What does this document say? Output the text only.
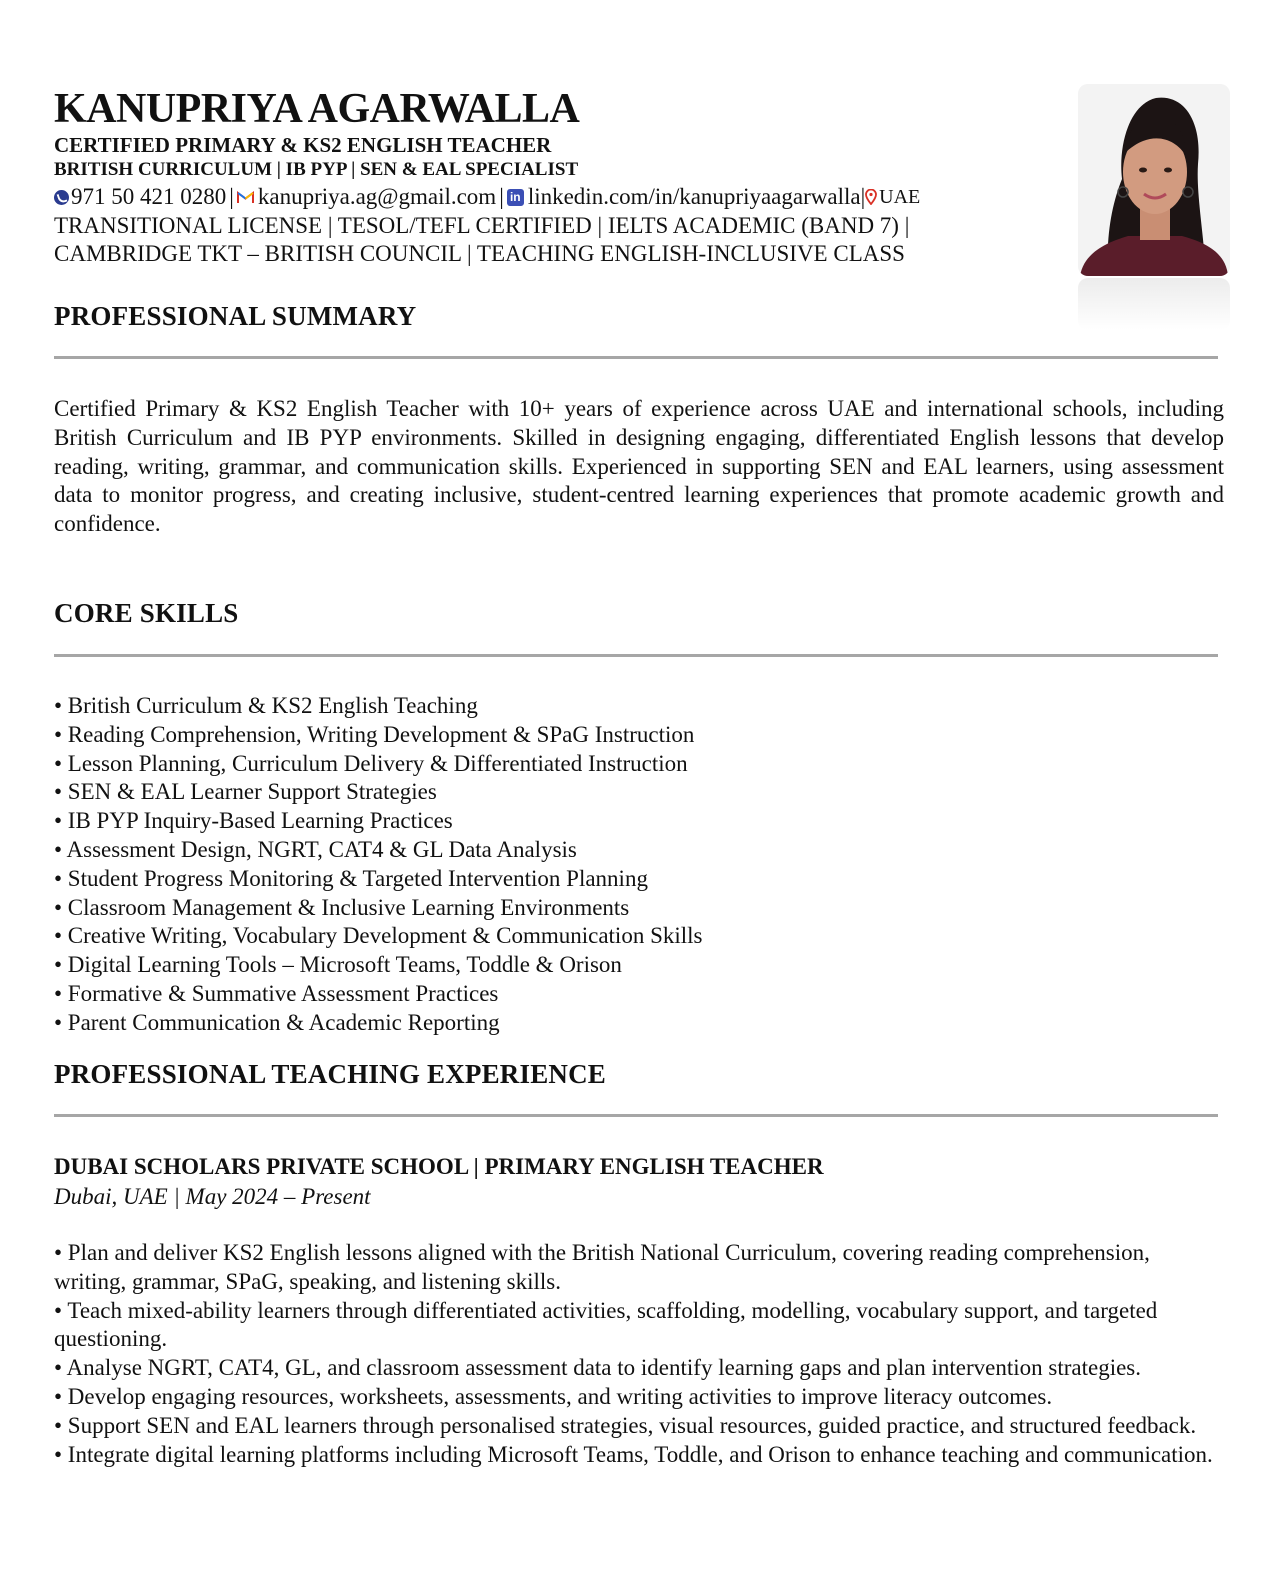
KANUPRIYA AGARWALLA

CERTIFIED PRIMARY & KS2 ENGLISH TEACHER

BRITISH CURRICULUM | IB PYP | SEN & EAL SPECIALIST

971 50 421 0280 | kanupriya.ag@gmail.com | in linkedin.com/in/kanupriyaagarwalla | UAE

TRANSITIONAL LICENSE | TESOL/TEFL CERTIFIED | IELTS ACADEMIC (BAND 7) |

CAMBRIDGE TKT – BRITISH COUNCIL | TEACHING ENGLISH-INCLUSIVE CLASS

PROFESSIONAL SUMMARY

Certified Primary & KS2 English Teacher with 10+ years of experience across UAE and international schools, including British Curriculum and IB PYP environments. Skilled in designing engaging, differentiated English lessons that develop reading, writing, grammar, and communication skills. Experienced in supporting SEN and EAL learners, using assessment data to monitor progress, and creating inclusive, student-centred learning experiences that promote academic growth and confidence.

CORE SKILLS
• British Curriculum & KS2 English Teaching
• Reading Comprehension, Writing Development & SPaG Instruction
• Lesson Planning, Curriculum Delivery & Differentiated Instruction
• SEN & EAL Learner Support Strategies
• IB PYP Inquiry-Based Learning Practices
• Assessment Design, NGRT, CAT4 & GL Data Analysis
• Student Progress Monitoring & Targeted Intervention Planning
• Classroom Management & Inclusive Learning Environments
• Creative Writing, Vocabulary Development & Communication Skills
• Digital Learning Tools – Microsoft Teams, Toddle & Orison
• Formative & Summative Assessment Practices
• Parent Communication & Academic Reporting
PROFESSIONAL TEACHING EXPERIENCE

DUBAI SCHOLARS PRIVATE SCHOOL | PRIMARY ENGLISH TEACHER

Dubai, UAE | May 2024 – Present

• Plan and deliver KS2 English lessons aligned with the British National Curriculum, covering reading comprehension, writing, grammar, SPaG, speaking, and listening skills.
• Teach mixed-ability learners through differentiated activities, scaffolding, modelling, vocabulary support, and targeted questioning.
• Analyse NGRT, CAT4, GL, and classroom assessment data to identify learning gaps and plan intervention strategies.
• Develop engaging resources, worksheets, assessments, and writing activities to improve literacy outcomes.
• Support SEN and EAL learners through personalised strategies, visual resources, guided practice, and structured feedback.
• Integrate digital learning platforms including Microsoft Teams, Toddle, and Orison to enhance teaching and communication.
